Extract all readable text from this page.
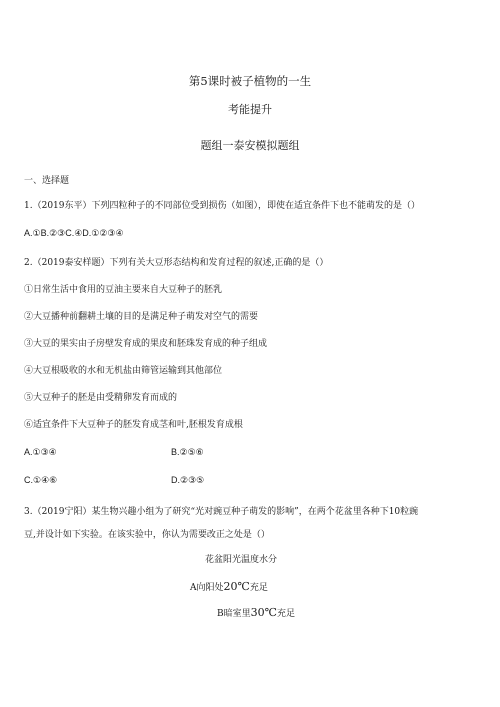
第5课时被子植物的一生
考能提升
题组一泰安模拟题组
一、选择题
1.（2019东平）下列四粒种子的不同部位受到损伤（如图），即使在适宜条件下也不能萌发的是（）
A.①B.②③C.④D.①②③④
2.（2019泰安样题）下列有关大豆形态结构和发育过程的叙述,正确的是（）
①日常生活中食用的豆油主要来自大豆种子的胚乳
②大豆播种前翻耕土壤的目的是满足种子萌发对空气的需要
③大豆的果实由子房壁发育成的果皮和胚珠发育成的种子组成
④大豆根吸收的水和无机盐由筛管运输到其他部位
⑤大豆种子的胚是由受精卵发育而成的
⑥适宜条件下大豆种子的胚发育成茎和叶,胚根发育成根
A.①③④	B.②⑤⑥
C.①④⑥	D.②③⑤
3.（2019宁阳）某生物兴趣小组为了研究“光对豌豆种子萌发的影响”，在两个花盆里各种下10粒豌
豆,并设计如下实验。在该实验中，你认为需要改正之处是（）
花盆阳光温度水分
A向阳处20℃充足
B暗室里30℃充足
